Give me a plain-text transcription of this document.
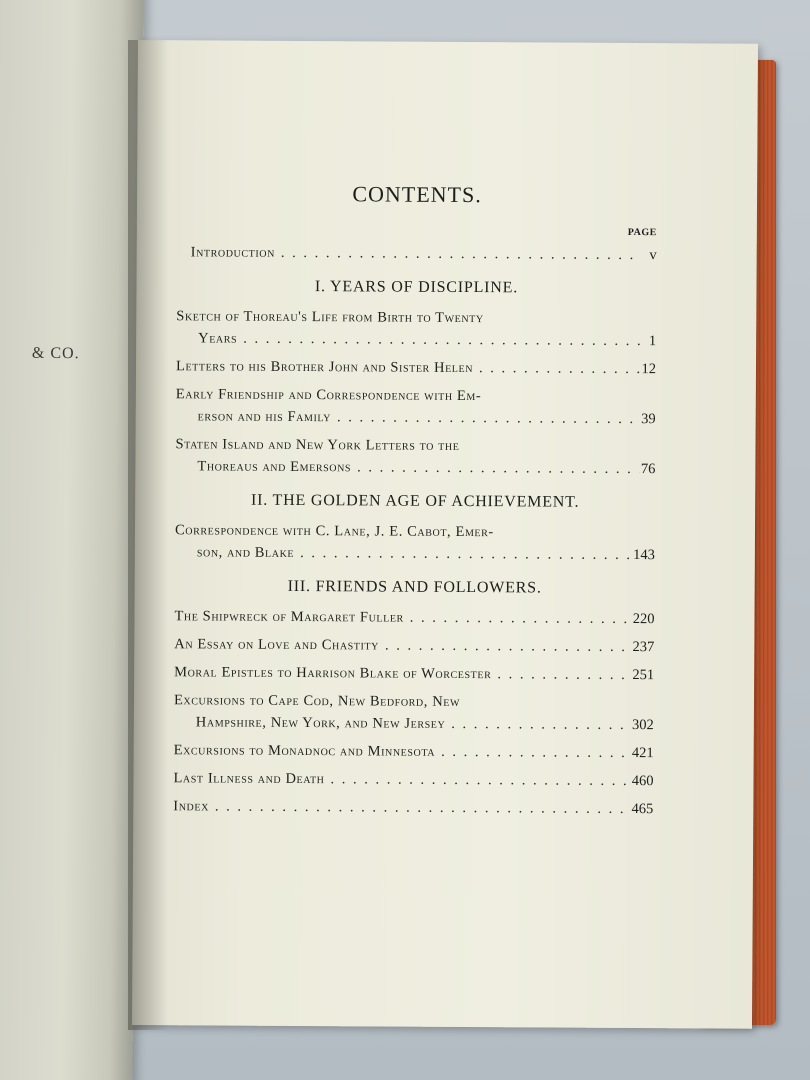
& CO.
CONTENTS.
PAGE
Introduction . . .	v
I. YEARS OF DISCIPLINE.
Sketch of Thoreau's Life from Birth to Twenty
Years . . .	1
Letters to his Brother John and Sister Helen . . .	12
Early Friendship and Correspondence with Em-
erson and his Family . . .	39
Staten Island and New York Letters to the
Thoreaus and Emersons . . .	76
II. THE GOLDEN AGE OF ACHIEVEMENT.
Correspondence with C. Lane, J. E. Cabot, Emer-
son, and Blake . . .	143
III. FRIENDS AND FOLLOWERS.
The Shipwreck of Margaret Fuller . . .	220
An Essay on Love and Chastity . . .	237
Moral Epistles to Harrison Blake of Worcester . . .	251
Excursions to Cape Cod, New Bedford, New
Hampshire, New York, and New Jersey . . .	302
Excursions to Monadnoc and Minnesota . . .	421
Last Illness and Death . . .	460
Index . . .	465
